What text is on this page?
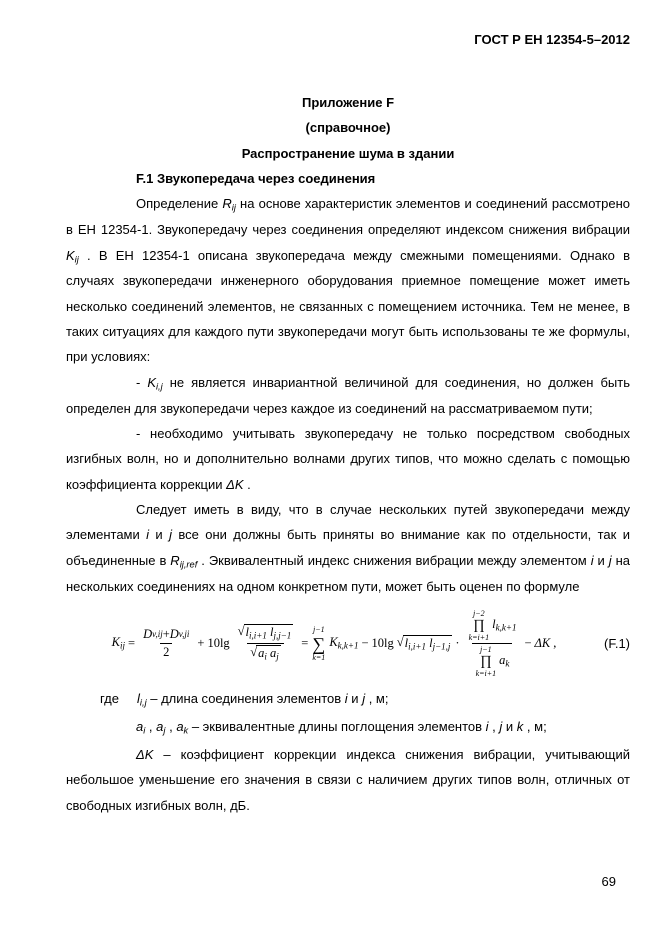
ГОСТ Р ЕН 12354-5–2012

Приложение F

(справочное)

Распространение шума в здании

F.1 Звукопередача через соединения

Определение $R_{ij}$ на основе характеристик элементов и соединений рассмотрено в ЕН 12354-1. Звукопередачу через соединения определяют индексом снижения вибрации $K_{ij}$ . В ЕН 12354-1 описана звукопередача между смежными помещениями. Однако в случаях звукопередачи инженерного оборудования приемное помещение может иметь несколько соединений элементов, не связанных с помещением источника. Тем не менее, в таких ситуациях для каждого пути звукопередачи могут быть использованы те же формулы, при условиях:

- $K_{i,j}$ не является инвариантной величиной для соединения, но должен быть определен для звукопередачи через каждое из соединений на рассматриваемом пути;

- необходимо учитывать звукопередачу не только посредством свободных изгибных волн, но и дополнительно волнами других типов, что можно сделать с помощью коэффициента коррекции ΔK .

Следует иметь в виду, что в случае нескольких путей звукопередачи между элементами i и j все они должны быть приняты во внимание как по отдельности, так и объединенные в $R_{ij,ref}$ . Эквивалентный индекс снижения вибрации между элементом i и j на нескольких соединениях на одном конкретном пути, может быть оценен по формуле

$K_{ij} = \frac{\text{D v,ij + D v,ji}}{2} + 10\lg \frac{√ l_{i,i+1} l_{j,j-1}}{√ a_i a_j}$ =
j−1
∑
k=1
$K_{k,k+1} - 10\lg$ √ $l_{i,i+1}$ $l_{j-1,j}$ ·
j−2
∏
k=i+1
$l_{k,k+1}$
j−1
∏
k=i+1
$a_k$
− ΔK ,	(F.1)

где $l_{i,j}$ – длина соединения элементов i и j , м;

$a_i$ , $a_j$ , $a_k$ – эквивалентные длины поглощения элементов i , j и k , м;

ΔK – коэффициент коррекции индекса снижения вибрации, учитывающий небольшое уменьшение его значения в связи с наличием других типов волн, отличных от свободных изгибных волн, дБ.

69
